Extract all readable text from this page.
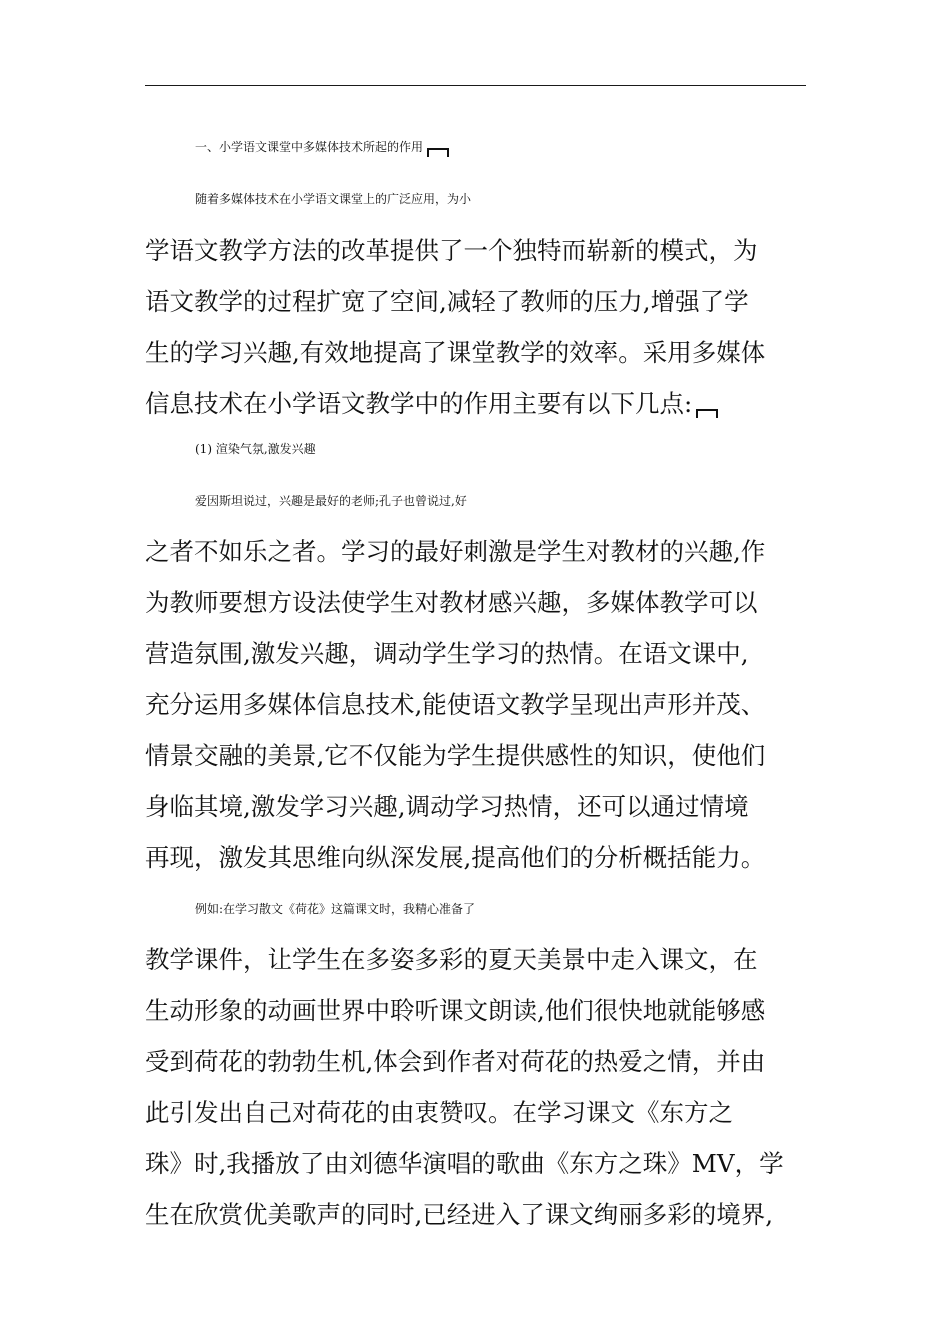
一、小学语文课堂中多媒体技术所起的作用
随着多媒体技术在小学语文课堂上的广泛应用，为小
学语文教学方法的改革提供了一个独特而崭新的模式，为
语文教学的过程扩宽了空间,减轻了教师的压力,增强了学
生的学习兴趣,有效地提高了课堂教学的效率。采用多媒体
信息技术在小学语文教学中的作用主要有以下几点:
(1) 渲染气氛,激发兴趣
爱因斯坦说过，兴趣是最好的老师;孔子也曾说过,好
之者不如乐之者。学习的最好刺激是学生对教材的兴趣,作
为教师要想方设法使学生对教材感兴趣，多媒体教学可以
营造氛围,激发兴趣，调动学生学习的热情。在语文课中,
充分运用多媒体信息技术,能使语文教学呈现出声形并茂、
情景交融的美景,它不仅能为学生提供感性的知识，使他们
身临其境,激发学习兴趣,调动学习热情，还可以通过情境
再现，激发其思维向纵深发展,提高他们的分析概括能力。
例如:在学习散文《荷花》这篇课文时，我精心准备了
教学课件，让学生在多姿多彩的夏天美景中走入课文，在
生动形象的动画世界中聆听课文朗读,他们很快地就能够感
受到荷花的勃勃生机,体会到作者对荷花的热爱之情，并由
此引发出自己对荷花的由衷赞叹。在学习课文《东方之
珠》时,我播放了由刘德华演唱的歌曲《东方之珠》MV，学
生在欣赏优美歌声的同时,已经进入了课文绚丽多彩的境界,
